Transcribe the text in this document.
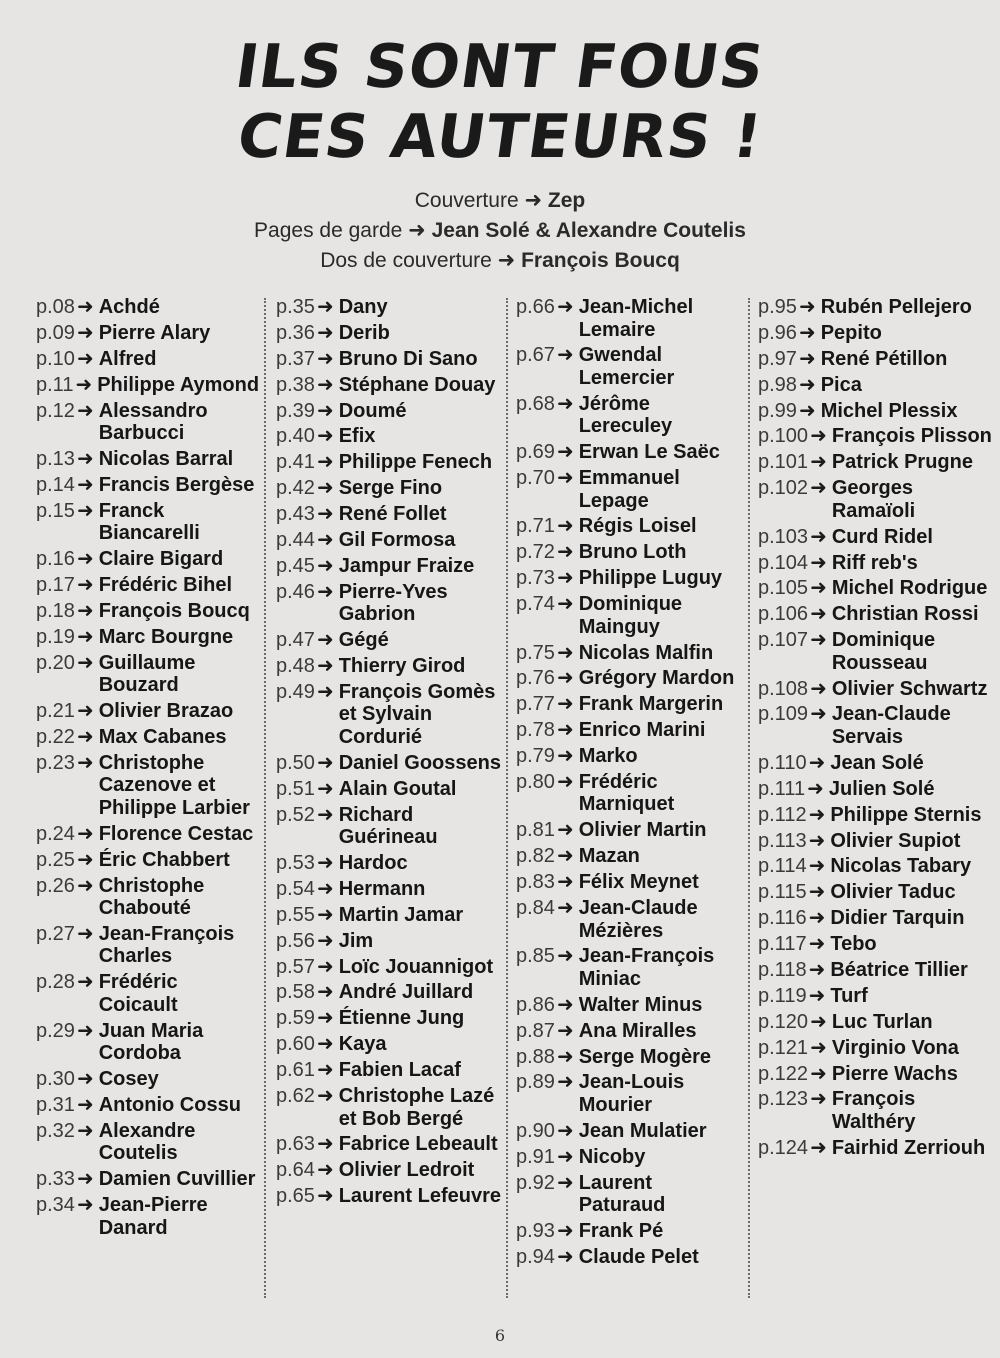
ILS SONT FOUS
CES AUTEURS !
Couverture ➜ Zep
Pages de garde ➜ Jean Solé & Alexandre Coutelis
Dos de couverture ➜ François Boucq
p.08 ➜ Achdé
p.09 ➜ Pierre Alary
p.10 ➜ Alfred
p.11 ➜ Philippe Aymond
p.12 ➜ Alessandro Barbucci
p.13 ➜ Nicolas Barral
p.14 ➜ Francis Bergèse
p.15 ➜ Franck Biancarelli
p.16 ➜ Claire Bigard
p.17 ➜ Frédéric Bihel
p.18 ➜ François Boucq
p.19 ➜ Marc Bourgne
p.20 ➜ Guillaume Bouzard
p.21 ➜ Olivier Brazao
p.22 ➜ Max Cabanes
p.23 ➜ Christophe Cazenove et Philippe Larbier
p.24 ➜ Florence Cestac
p.25 ➜ Éric Chabbert
p.26 ➜ Christophe Chabouté
p.27 ➜ Jean-François Charles
p.28 ➜ Frédéric Coicault
p.29 ➜ Juan Maria Cordoba
p.30 ➜ Cosey
p.31 ➜ Antonio Cossu
p.32 ➜ Alexandre Coutelis
p.33 ➜ Damien Cuvillier
p.34 ➜ Jean-Pierre Danard
p.35 ➜ Dany
p.36 ➜ Derib
p.37 ➜ Bruno Di Sano
p.38 ➜ Stéphane Douay
p.39 ➜ Doumé
p.40 ➜ Efix
p.41 ➜ Philippe Fenech
p.42 ➜ Serge Fino
p.43 ➜ René Follet
p.44 ➜ Gil Formosa
p.45 ➜ Jampur Fraize
p.46 ➜ Pierre-Yves Gabrion
p.47 ➜ Gégé
p.48 ➜ Thierry Girod
p.49 ➜ François Gomès et Sylvain Cordurié
p.50 ➜ Daniel Goossens
p.51 ➜ Alain Goutal
p.52 ➜ Richard Guérineau
p.53 ➜ Hardoc
p.54 ➜ Hermann
p.55 ➜ Martin Jamar
p.56 ➜ Jim
p.57 ➜ Loïc Jouannigot
p.58 ➜ André Juillard
p.59 ➜ Étienne Jung
p.60 ➜ Kaya
p.61 ➜ Fabien Lacaf
p.62 ➜ Christophe Lazé et Bob Bergé
p.63 ➜ Fabrice Lebeault
p.64 ➜ Olivier Ledroit
p.65 ➜ Laurent Lefeuvre
p.66 ➜ Jean-Michel Lemaire
p.67 ➜ Gwendal Lemercier
p.68 ➜ Jérôme Lereculey
p.69 ➜ Erwan Le Saëc
p.70 ➜ Emmanuel Lepage
p.71 ➜ Régis Loisel
p.72 ➜ Bruno Loth
p.73 ➜ Philippe Luguy
p.74 ➜ Dominique Mainguy
p.75 ➜ Nicolas Malfin
p.76 ➜ Grégory Mardon
p.77 ➜ Frank Margerin
p.78 ➜ Enrico Marini
p.79 ➜ Marko
p.80 ➜ Frédéric Marniquet
p.81 ➜ Olivier Martin
p.82 ➜ Mazan
p.83 ➜ Félix Meynet
p.84 ➜ Jean-Claude Mézières
p.85 ➜ Jean-François Miniac
p.86 ➜ Walter Minus
p.87 ➜ Ana Miralles
p.88 ➜ Serge Mogère
p.89 ➜ Jean-Louis Mourier
p.90 ➜ Jean Mulatier
p.91 ➜ Nicoby
p.92 ➜ Laurent Paturaud
p.93 ➜ Frank Pé
p.94 ➜ Claude Pelet
p.95 ➜ Rubén Pellejero
p.96 ➜ Pepito
p.97 ➜ René Pétillon
p.98 ➜ Pica
p.99 ➜ Michel Plessix
p.100 ➜ François Plisson
p.101 ➜ Patrick Prugne
p.102 ➜ Georges Ramaïoli
p.103 ➜ Curd Ridel
p.104 ➜ Riff reb's
p.105 ➜ Michel Rodrigue
p.106 ➜ Christian Rossi
p.107 ➜ Dominique Rousseau
p.108 ➜ Olivier Schwartz
p.109 ➜ Jean-Claude Servais
p.110 ➜ Jean Solé
p.111 ➜ Julien Solé
p.112 ➜ Philippe Sternis
p.113 ➜ Olivier Supiot
p.114 ➜ Nicolas Tabary
p.115 ➜ Olivier Taduc
p.116 ➜ Didier Tarquin
p.117 ➜ Tebo
p.118 ➜ Béatrice Tillier
p.119 ➜ Turf
p.120 ➜ Luc Turlan
p.121 ➜ Virginio Vona
p.122 ➜ Pierre Wachs
p.123 ➜ François Walthéry
p.124 ➜ Fairhid Zerriouh
6
